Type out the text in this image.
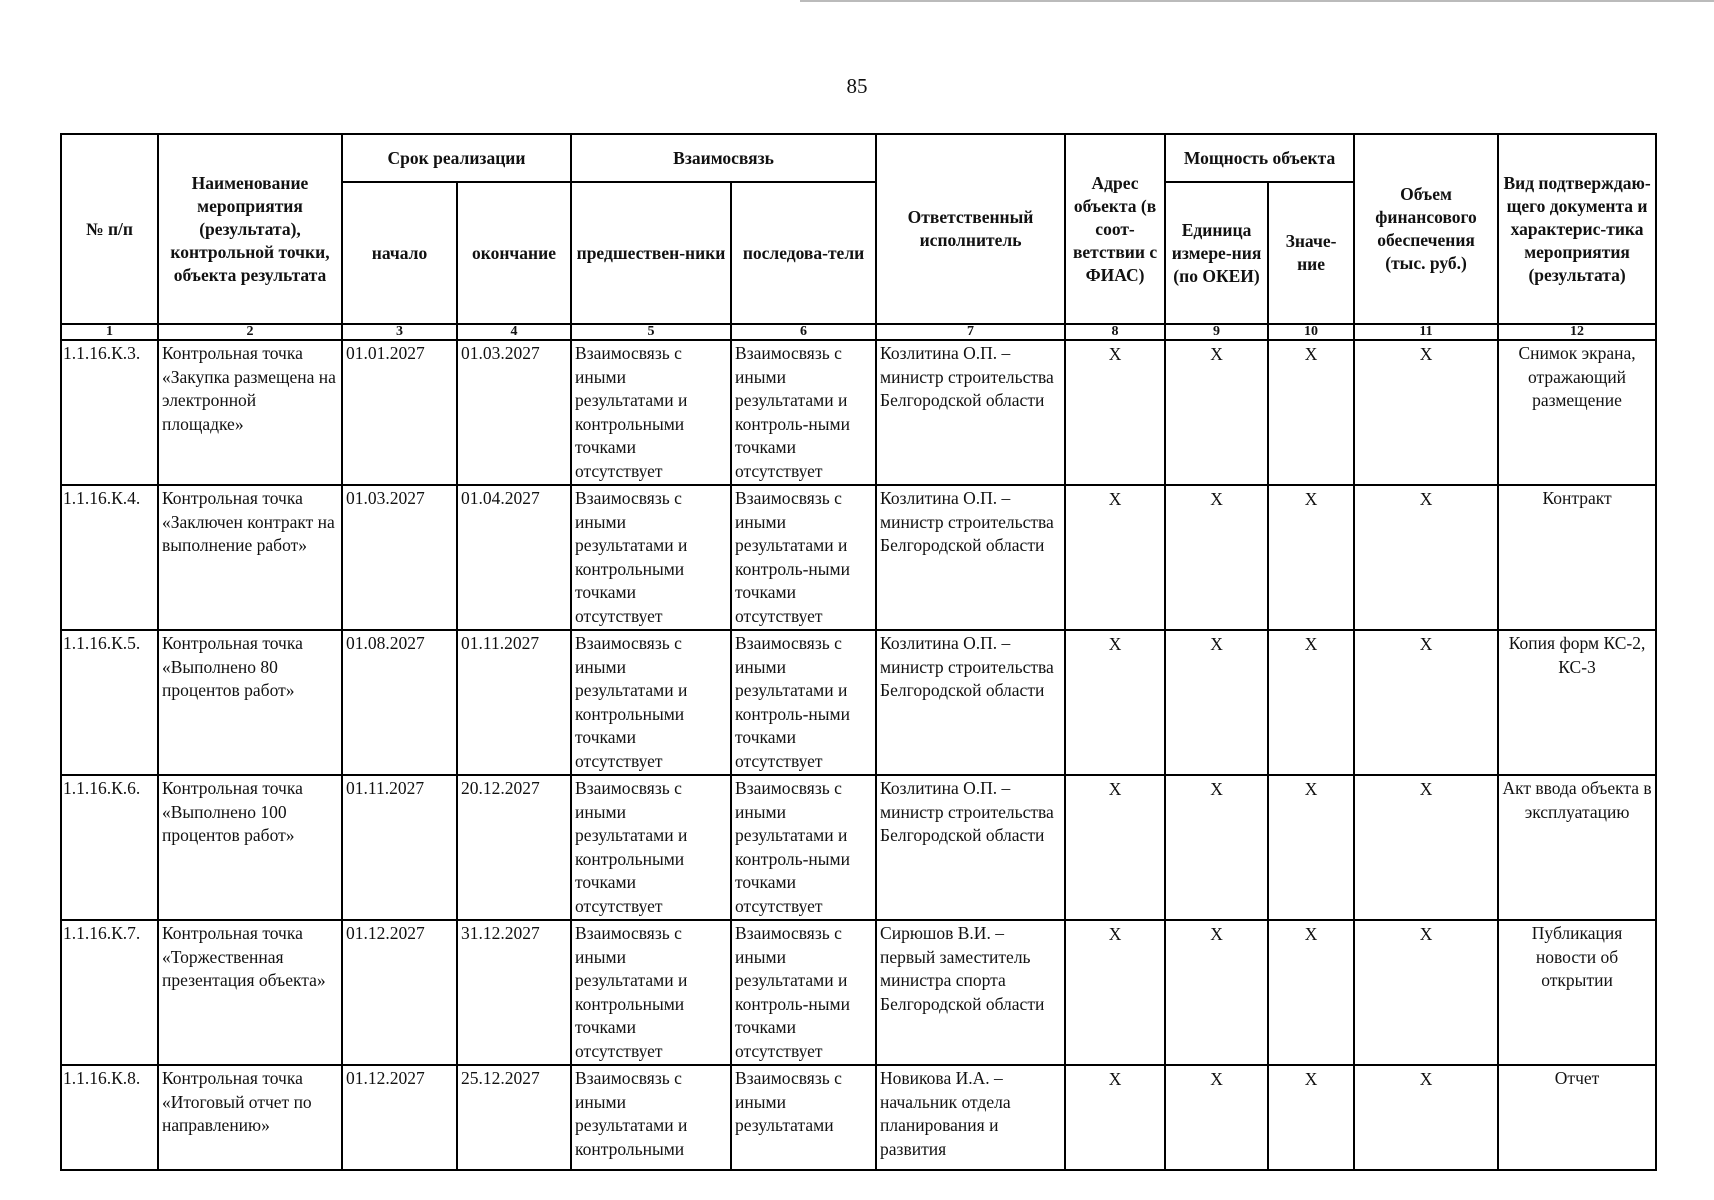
85
№ п/п	Наименование мероприятия (результата), контрольной точки, объекта результата	Срок реализации		Взаимосвязь		Ответственный исполнитель	Адрес объекта (в соот-ветствии с ФИАС)	Мощность объекта		Объем финансового обеспечения (тыс. руб.)	Вид подтверждаю-щего документа и характерис-тика мероприятия (результата)
		начало	окончание	предшествен-ники	последова-тели			Единица измере-ния (по ОКЕИ)	Значе-ние		
1	2	3	4	5	6	7	8	9	10	11	12
1.1.16.К.3.	Контрольная точка «Закупка размещена на электронной площадке»	01.01.2027	01.03.2027	Взаимосвязь с иными результатами и контрольными точками отсутствует	Взаимосвязь с иными результатами и контроль-ными точками отсутствует	Козлитина О.П. – министр строительства Белгородской области	Х	Х	Х	Х	Снимок экрана, отражающий размещение
1.1.16.К.4.	Контрольная точка «Заключен контракт на выполнение работ»	01.03.2027	01.04.2027	Взаимосвязь с иными результатами и контрольными точками отсутствует	Взаимосвязь с иными результатами и контроль-ными точками отсутствует	Козлитина О.П. – министр строительства Белгородской области	Х	Х	Х	Х	Контракт
1.1.16.К.5.	Контрольная точка «Выполнено 80 процентов работ»	01.08.2027	01.11.2027	Взаимосвязь с иными результатами и контрольными точками отсутствует	Взаимосвязь с иными результатами и контроль-ными точками отсутствует	Козлитина О.П. – министр строительства Белгородской области	Х	Х	Х	Х	Копия форм КС-2, КС-3
1.1.16.К.6.	Контрольная точка «Выполнено 100 процентов работ»	01.11.2027	20.12.2027	Взаимосвязь с иными результатами и контрольными точками отсутствует	Взаимосвязь с иными результатами и контроль-ными точками отсутствует	Козлитина О.П. – министр строительства Белгородской области	Х	Х	Х	Х	Акт ввода объекта в эксплуатацию
1.1.16.К.7.	Контрольная точка «Торжественная презентация объекта»	01.12.2027	31.12.2027	Взаимосвязь с иными результатами и контрольными точками отсутствует	Взаимосвязь с иными результатами и контроль-ными точками отсутствует	Сирюшов В.И. – первый заместитель министра спорта Белгородской области	Х	Х	Х	Х	Публикация новости об открытии
1.1.16.К.8.	Контрольная точка «Итоговый отчет по направлению»	01.12.2027	25.12.2027	Взаимосвязь с иными результатами и контрольными	Взаимосвязь с иными результатами	Новикова И.А. – начальник отдела планирования и развития	Х	Х	Х	Х	Отчет
